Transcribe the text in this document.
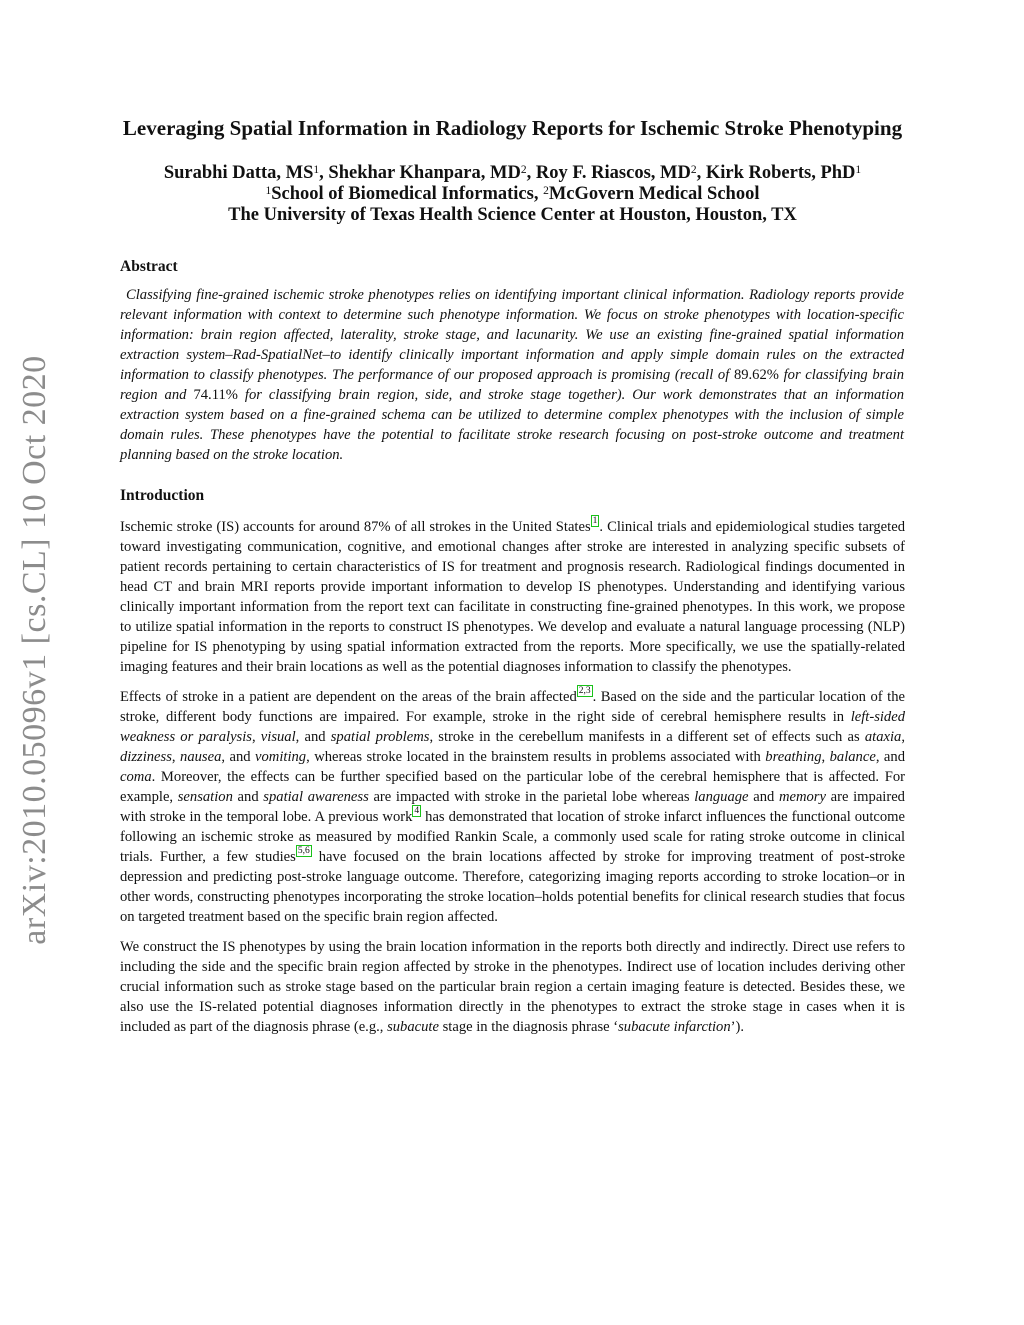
arXiv:2010.05096v1 [cs.CL] 10 Oct 2020
Leveraging Spatial Information in Radiology Reports for Ischemic Stroke Phenotyping
Surabhi Datta, $MS^1$, Shekhar Khanpara, $MD^2$, Roy F. Riascos, $MD^2$, Kirk Roberts, PhD$^1$
$^1$School of Biomedical Informatics, $^2$McGovern Medical School
The University of Texas Health Science Center at Houston, Houston, TX
Abstract

Classifying fine-grained ischemic stroke phenotypes relies on identifying important clinical information. Radiology reports provide relevant information with context to determine such phenotype information. We focus on stroke phenotypes with location-specific information: brain region affected, laterality, stroke stage, and lacunarity. We use an existing fine-grained spatial information extraction system–Rad-SpatialNet–to identify clinically important information and apply simple domain rules on the extracted information to classify phenotypes. The performance of our proposed approach is promising (recall of 89.62% for classifying brain region and 74.11% for classifying brain region, side, and stroke stage together). Our work demonstrates that an information extraction system based on a fine-grained schema can be utilized to determine complex phenotypes with the inclusion of simple domain rules. These phenotypes have the potential to facilitate stroke research focusing on post-stroke outcome and treatment planning based on the stroke location.

Introduction

Ischemic stroke (IS) accounts for around 87% of all strokes in the United States $^1$ . Clinical trials and epidemiological studies targeted toward investigating communication, cognitive, and emotional changes after stroke are interested in analyzing specific subsets of patient records pertaining to certain characteristics of IS for treatment and prognosis research. Radiological findings documented in head CT and brain MRI reports provide important information to develop IS phenotypes. Understanding and identifying various clinically important information from the report text can facilitate in constructing fine-grained phenotypes. In this work, we propose to utilize spatial information in the reports to construct IS phenotypes. We develop and evaluate a natural language processing (NLP) pipeline for IS phenotyping by using spatial information extracted from the reports. More specifically, we use the spatially-related imaging features and their brain locations as well as the potential diagnoses information to classify the phenotypes.

Effects of stroke in a patient are dependent on the areas of the brain affected $^{2,3}$ . Based on the side and the particular location of the stroke, different body functions are impaired. For example, stroke in the right side of cerebral hemisphere results in left-sided weakness or paralysis, visual, and spatial problems, stroke in the cerebellum manifests in a different set of effects such as ataxia, dizziness, nausea, and vomiting, whereas stroke located in the brainstem results in problems associated with breathing, balance, and coma. Moreover, the effects can be further specified based on the particular lobe of the cerebral hemisphere that is affected. For example, sensation and spatial awareness are impacted with stroke in the parietal lobe whereas language and memory are impaired with stroke in the temporal lobe. A previous work $^4$ has demonstrated that location of stroke infarct influences the functional outcome following an ischemic stroke as measured by modified Rankin Scale, a commonly used scale for rating stroke outcome in clinical trials. Further, a few studies $^{5,6}$ have focused on the brain locations affected by stroke for improving treatment of post-stroke depression and predicting post-stroke language outcome. Therefore, categorizing imaging reports according to stroke location–or in other words, constructing phenotypes incorporating the stroke location–holds potential benefits for clinical research studies that focus on targeted treatment based on the specific brain region affected.

We construct the IS phenotypes by using the brain location information in the reports both directly and indirectly. Direct use refers to including the side and the specific brain region affected by stroke in the phenotypes. Indirect use of location includes deriving other crucial information such as stroke stage based on the particular brain region a certain imaging feature is detected. Besides these, we also use the IS-related potential diagnoses information directly in the phenotypes to extract the stroke stage in cases when it is included as part of the diagnosis phrase (e.g., subacute stage in the diagnosis phrase ‘subacute infarction’).
